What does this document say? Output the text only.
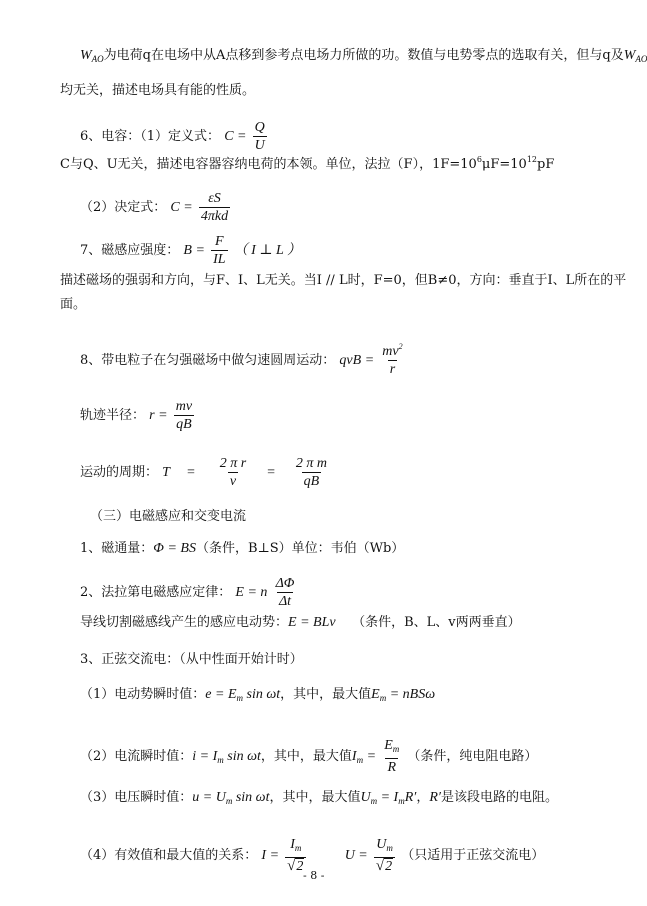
$W_{AO}$为电荷q在电场中从A点移到参考点电场力所做的功。数值与电势零点的选取有关，但与q及$W_{AO}$
均无关，描述电场具有能的性质。
6、电容：（1）定义式： $C = \frac{Q}{U}$
C与Q、U无关，描述电容器容纳电荷的本领。单位，法拉（F），$1F=10^6\mu F=10^{12}pF$
（2）决定式： $C = \frac{\varepsilon S}{\text{4πkd}}$
7、磁感应强度： $B = \frac{F}{IL}$ （ I ⊥ L ）
描述磁场的强弱和方向，与F、I、L无关。当I // L时，F=0，但B≠0，方向：垂直于I、L所在的平
面。
8、带电粒子在匀强磁场中做匀速圆周运动： qvB = $\frac{mv^2}{r}$
轨迹半径： $r = \frac{mv}{qB}$
运动的周期： $T = \frac{\text{2 π r}}{v} = \frac{\text{2 π m}}{qB}$
（三）电磁感应和交变电流
1、磁通量：Φ = BS（条件，B⊥S）单位：韦伯（Wb）
2、法拉第电磁感应定律： E = n $\frac{\Delta\Phi}{\Delta t}$
导线切割磁感线产生的感应电动势：E = BLv （条件，B、L、v两两垂直）
3、正弦交流电：（从中性面开始计时）
（1）电动势瞬时值：$e = E_m$ sin ωt，其中，最大值$E_m = nBS\omega$
（2）电流瞬时值：$i = I_m$ sin ωt，其中，最大值$I_m = \frac{E_m}{R}$ （条件，纯电阻电路）
（3）电压瞬时值：$u = U_m$ sin ωt，其中，最大值$U_m = I_mR'$，R′是该段电路的电阻。
（4）有效值和最大值的关系： $I = \frac{I_m}{√ 2}$	$U = \frac{U_m}{√ 2}$ （只适用于正弦交流电）
- 8 -
